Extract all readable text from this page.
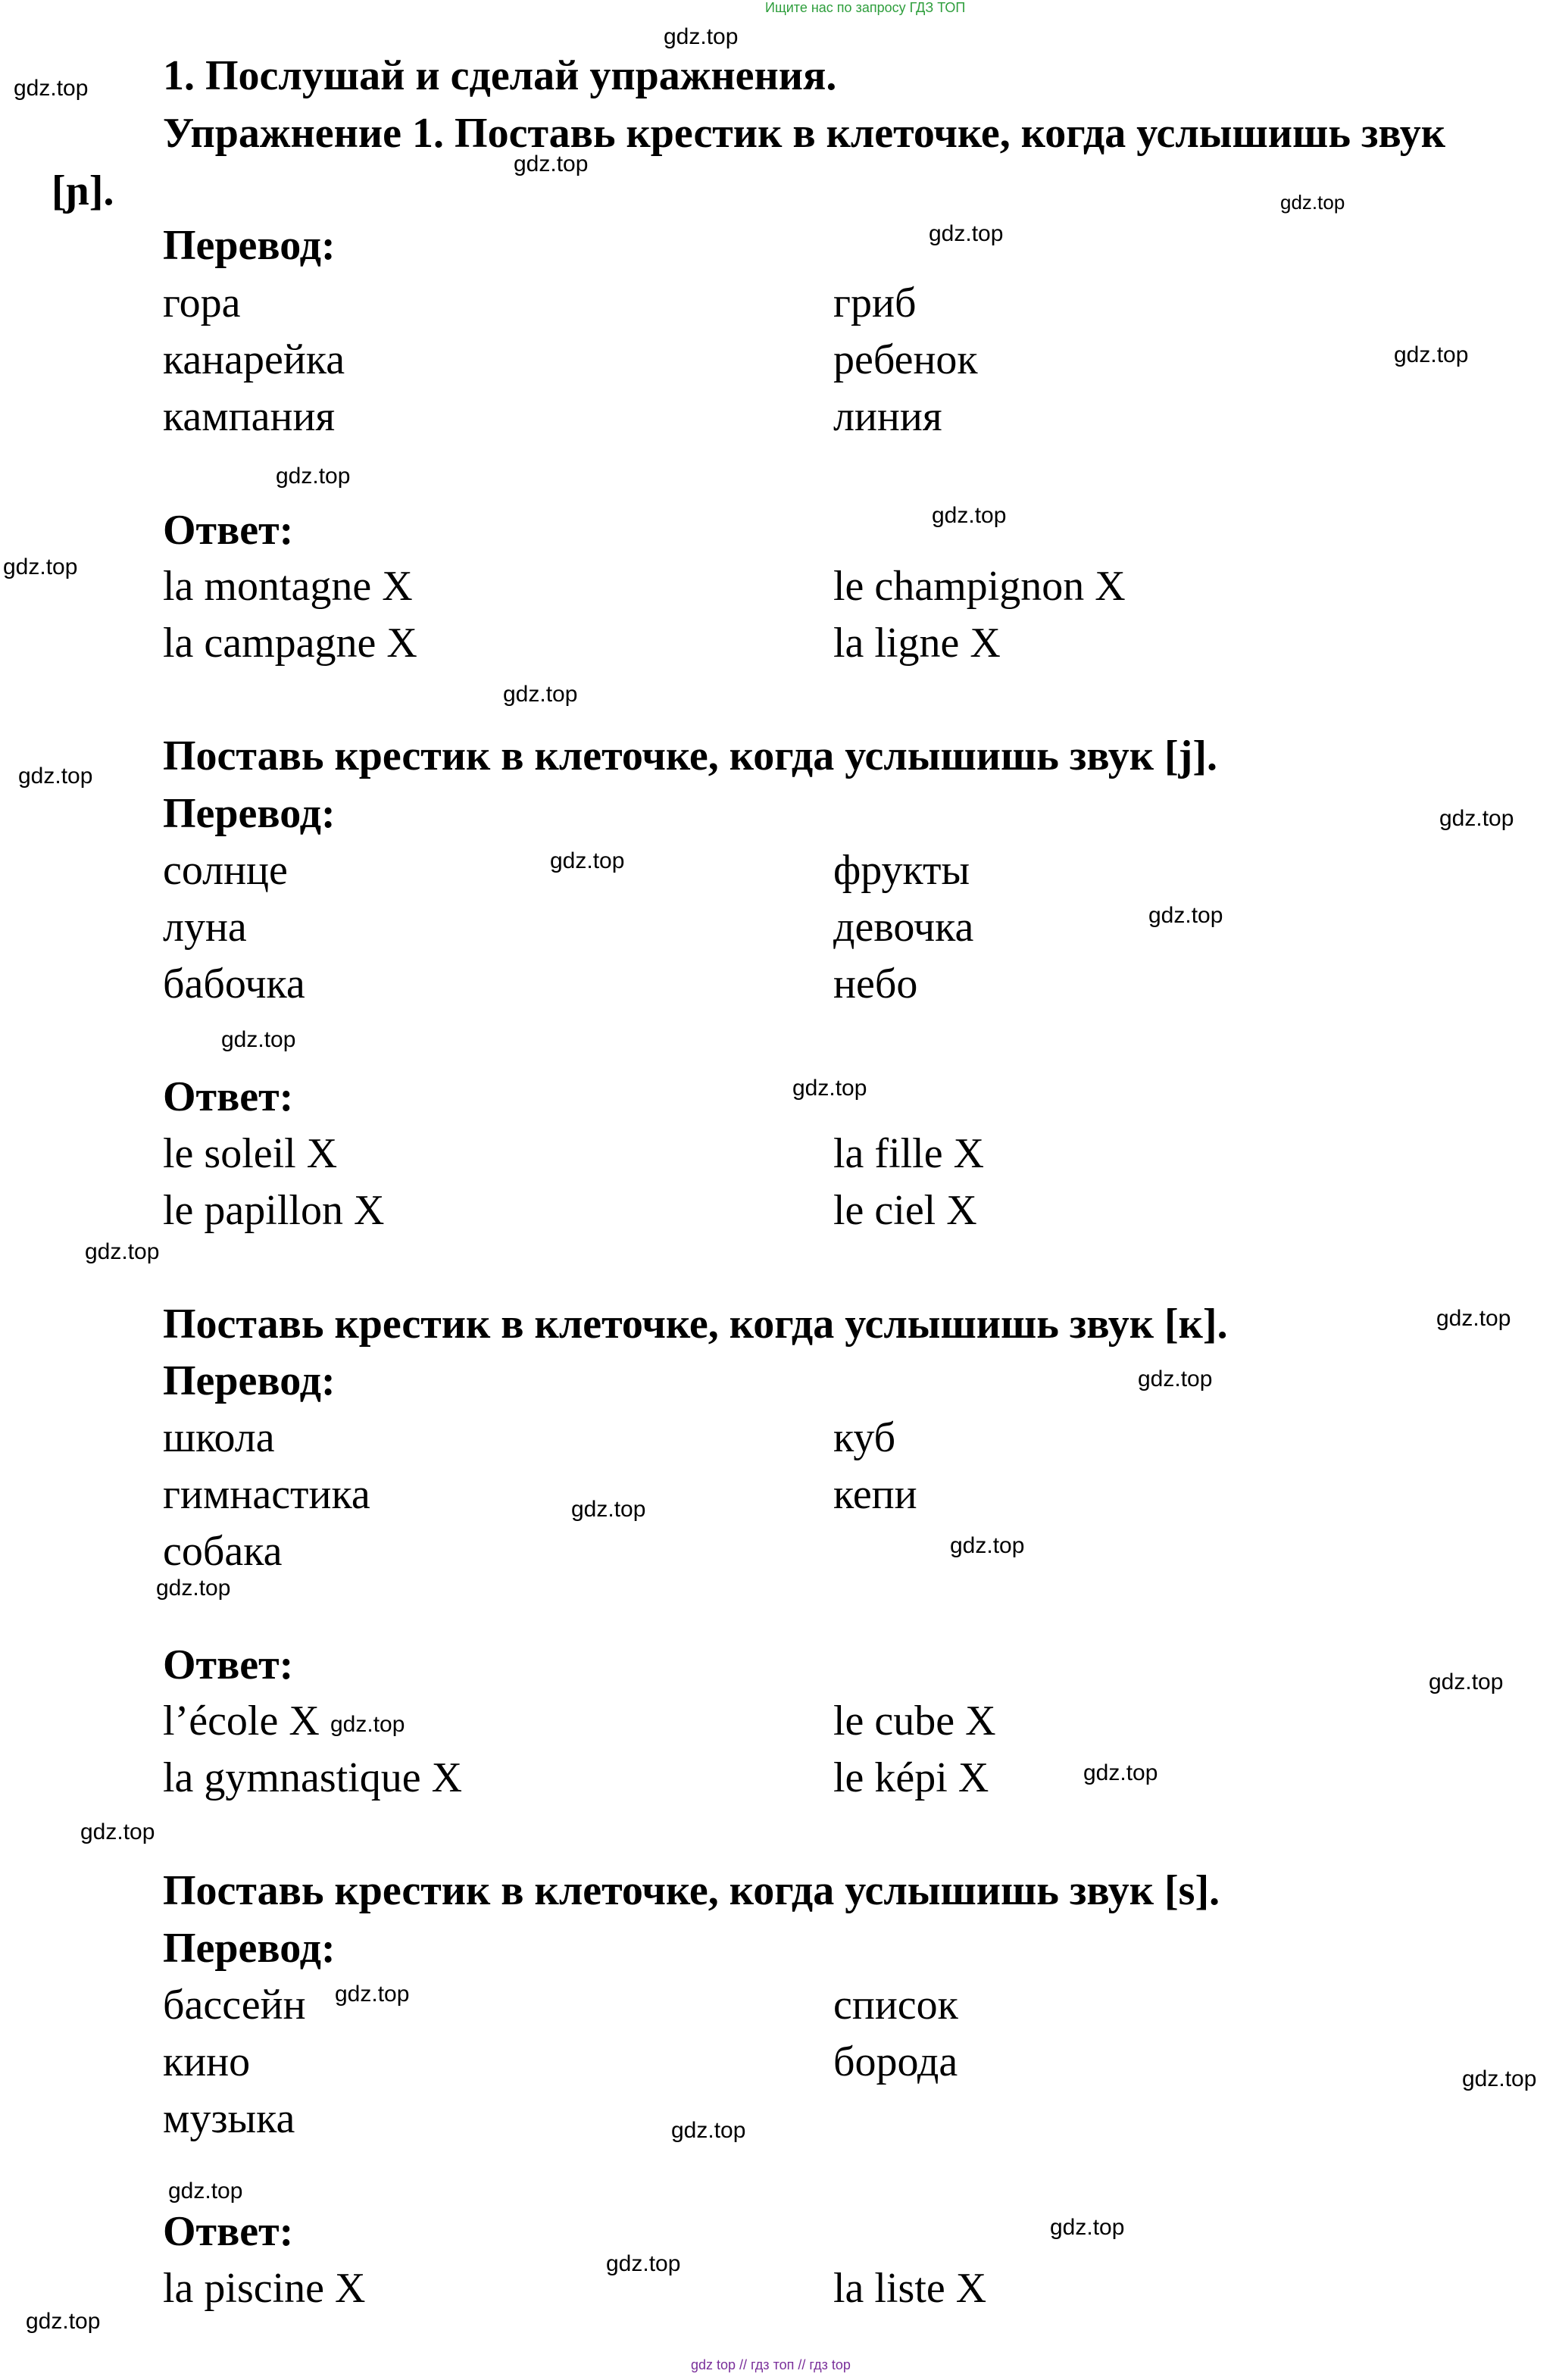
Ищите нас по запросу ГДЗ ТОП
1. Послушай и сделай упражнения.
Упражнение 1. Поставь крестик в клеточке, когда услышишь звук
[ɲ].
Перевод:
гора
канарейка
кампания
гриб
ребенок
линия
Ответ:
la montagne X
la campagne X
le champignon X
la ligne X
Поставь крестик в клеточке, когда услышишь звук [j].
Перевод:
солнце
луна
бабочка
фрукты
девочка
небо
Ответ:
le soleil X
le papillon X
la fille X
le ciel X
Поставь крестик в клеточке, когда услышишь звук [к].
Перевод:
школа
гимнастика
собака
куб
кепи
Ответ:
l’école X
la gymnastique X
le cube X
le képi X
Поставь крестик в клеточке, когда услышишь звук [s].
Перевод:
бассейн
кино
музыка
список
борода
Ответ:
la piscine X	la liste X
gdz.top
gdz.top
gdz.top
gdz.top
gdz.top
gdz.top
gdz.top
gdz.top
gdz.top
gdz.top
gdz.top
gdz.top
gdz.top
gdz.top
gdz.top
gdz.top
gdz.top
gdz.top
gdz.top
gdz.top
gdz.top
gdz.top
gdz.top
gdz.top
gdz.top
gdz.top
gdz.top
gdz.top
gdz.top
gdz.top
gdz.top
gdz.top
gdz.top
gdz top // гдз топ // гдз top
